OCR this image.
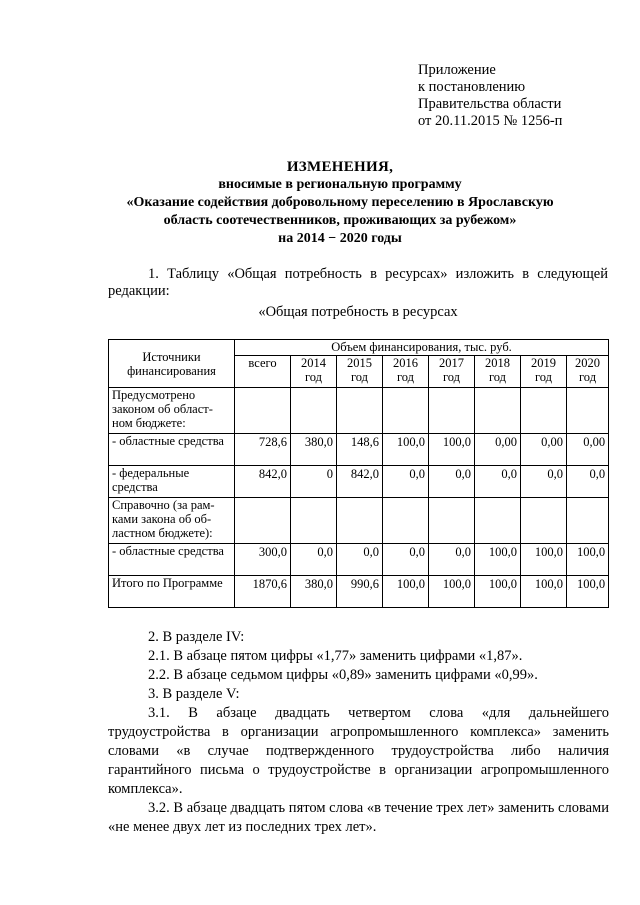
Приложение
к постановлению
Правительства области
от 20.11.2015 № 1256-п
ИЗМЕНЕНИЯ,
вносимые в региональную программу
«Оказание содействия добровольному переселению в Ярославскую
область соотечественников, проживающих за рубежом»
на 2014 − 2020 годы
1. Таблицу «Общая потребность в ресурсах» изложить в следующей
редакции:
«Общая потребность в ресурсах
Источники финансирования	Объем финансирования, тыс. руб.							
	всего	2014 год	2015 год	2016 год	2017 год	2018 год	2019 год	2020 год
Предусмотрено законом об област-ном бюджете:								
- областные средства	728,6	380,0	148,6	100,0	100,0	0,00	0,00	0,00
- федеральные средства	842,0	0	842,0	0,0	0,0	0,0	0,0	0,0
Справочно (за рам-ками закона об об-ластном бюджете):								
- областные средства	300,0	0,0	0,0	0,0	0,0	100,0	100,0	100,0
Итого по Программе	1870,6	380,0	990,6	100,0	100,0	100,0	100,0	100,0
2. В разделе IV:
2.1. В абзаце пятом цифры «1,77» заменить цифрами «1,87».
2.2. В абзаце седьмом цифры «0,89» заменить цифрами «0,99».
3. В разделе V:
3.1. В абзаце двадцать четвертом слова «для дальнейшего трудоустройства в организации агропромышленного комплекса» заменить словами «в случае подтвержденного трудоустройства либо наличия гарантийного письма о трудоустройстве в организации агропромышленного комплекса».
3.2. В абзаце двадцать пятом слова «в течение трех лет» заменить словами «не менее двух лет из последних трех лет».
